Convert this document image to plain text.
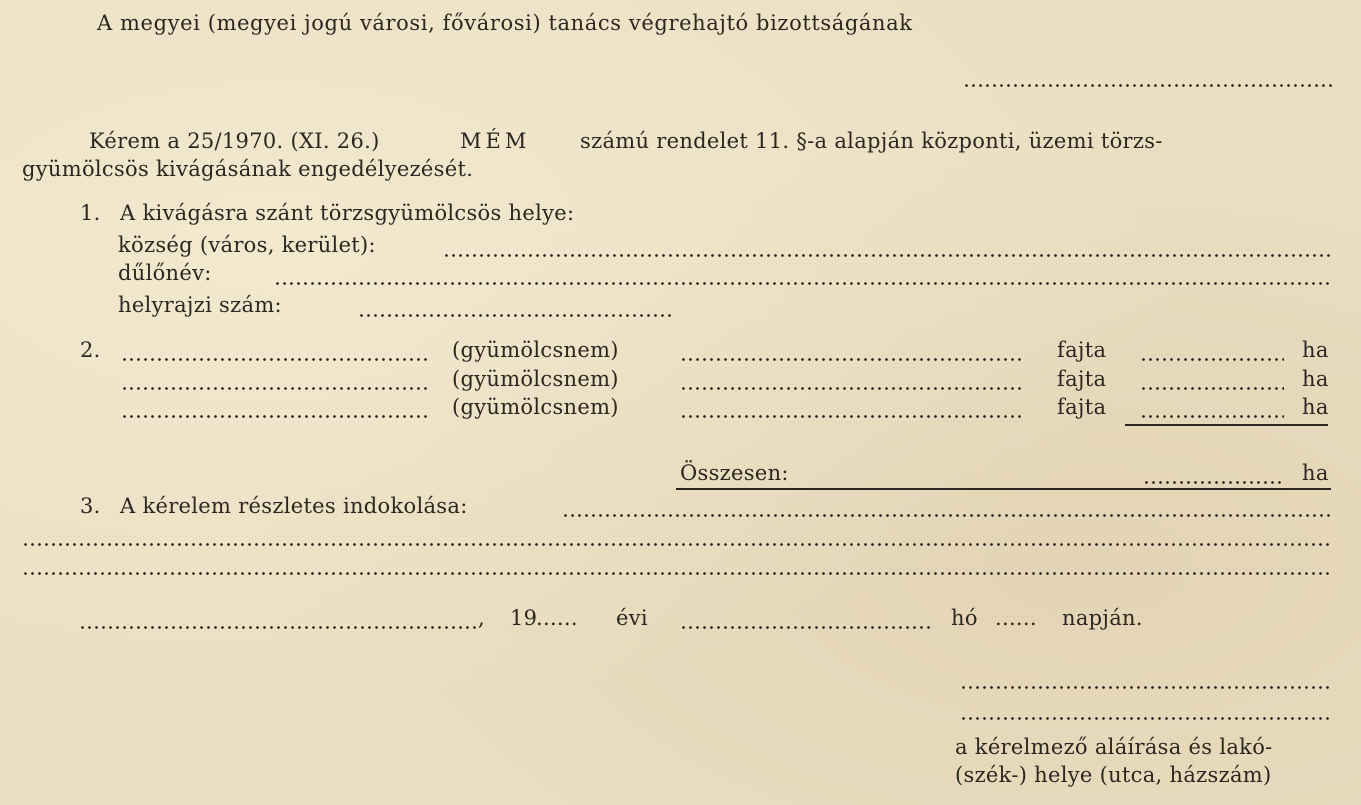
A megyei (megyei jogú városi, fővárosi) tanács végrehajtó bizottságának
Kérem a 25/1970. (XI. 26.)	MÉM számú rendelet 11. §-a alapján központi, üzemi törzs-
gyümölcsös kivágásának engedélyezését.
1. A kivágásra szánt törzsgyümölcsös helye:
község (város, kerület):
dűlőnév:
helyrajzi szám:
2.	(gyümölcsnem)	fajta	ha
(gyümölcsnem)	fajta	ha
(gyümölcsnem)	fajta	ha
Összesen:	ha
3. A kérelem részletes indokolása:
, 19
...... évi	hó ...... napján.
a kérelmező aláírása és lakó-
(szék-) helye (utca, házszám)
